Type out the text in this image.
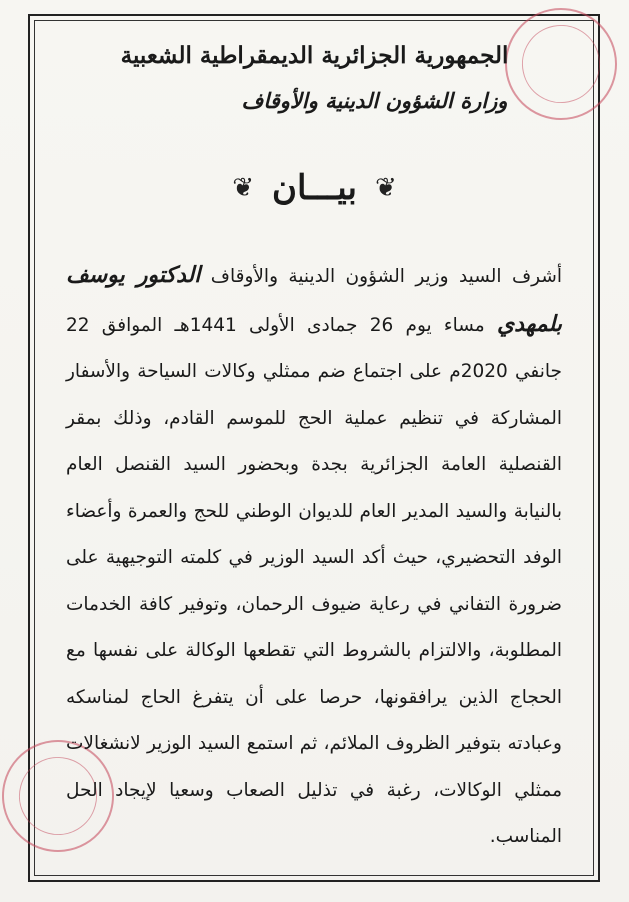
الجمهورية الجزائرية الديمقراطية الشعبية
وزارة الشؤون الدينية والأوقاف
❦ بيـــان ❦

أشرف السيد وزير الشؤون الدينية والأوقاف الدكتور يوسف بلمهدي مساء يوم 26 جمادى الأولى 1441هـ الموافق 22 جانفي 2020م على اجتماع ضم ممثلي وكالات السياحة والأسفار المشاركة في تنظيم عملية الحج للموسم القادم، وذلك بمقر القنصلية العامة الجزائرية بجدة وبحضور السيد القنصل العام بالنيابة والسيد المدير العام للديوان الوطني للحج والعمرة وأعضاء الوفد التحضيري، حيث أكد السيد الوزير في كلمته التوجيهية على ضرورة التفاني في رعاية ضيوف الرحمان، وتوفير كافة الخدمات المطلوبة، والالتزام بالشروط التي تقطعها الوكالة على نفسها مع الحجاج الذين يرافقونها، حرصا على أن يتفرغ الحاج لمناسكه وعبادته بتوفير الظروف الملائم، ثم استمع السيد الوزير لانشغالات ممثلي الوكالات، رغبة في تذليل الصعاب وسعيا لإيجاد الحل المناسب.
